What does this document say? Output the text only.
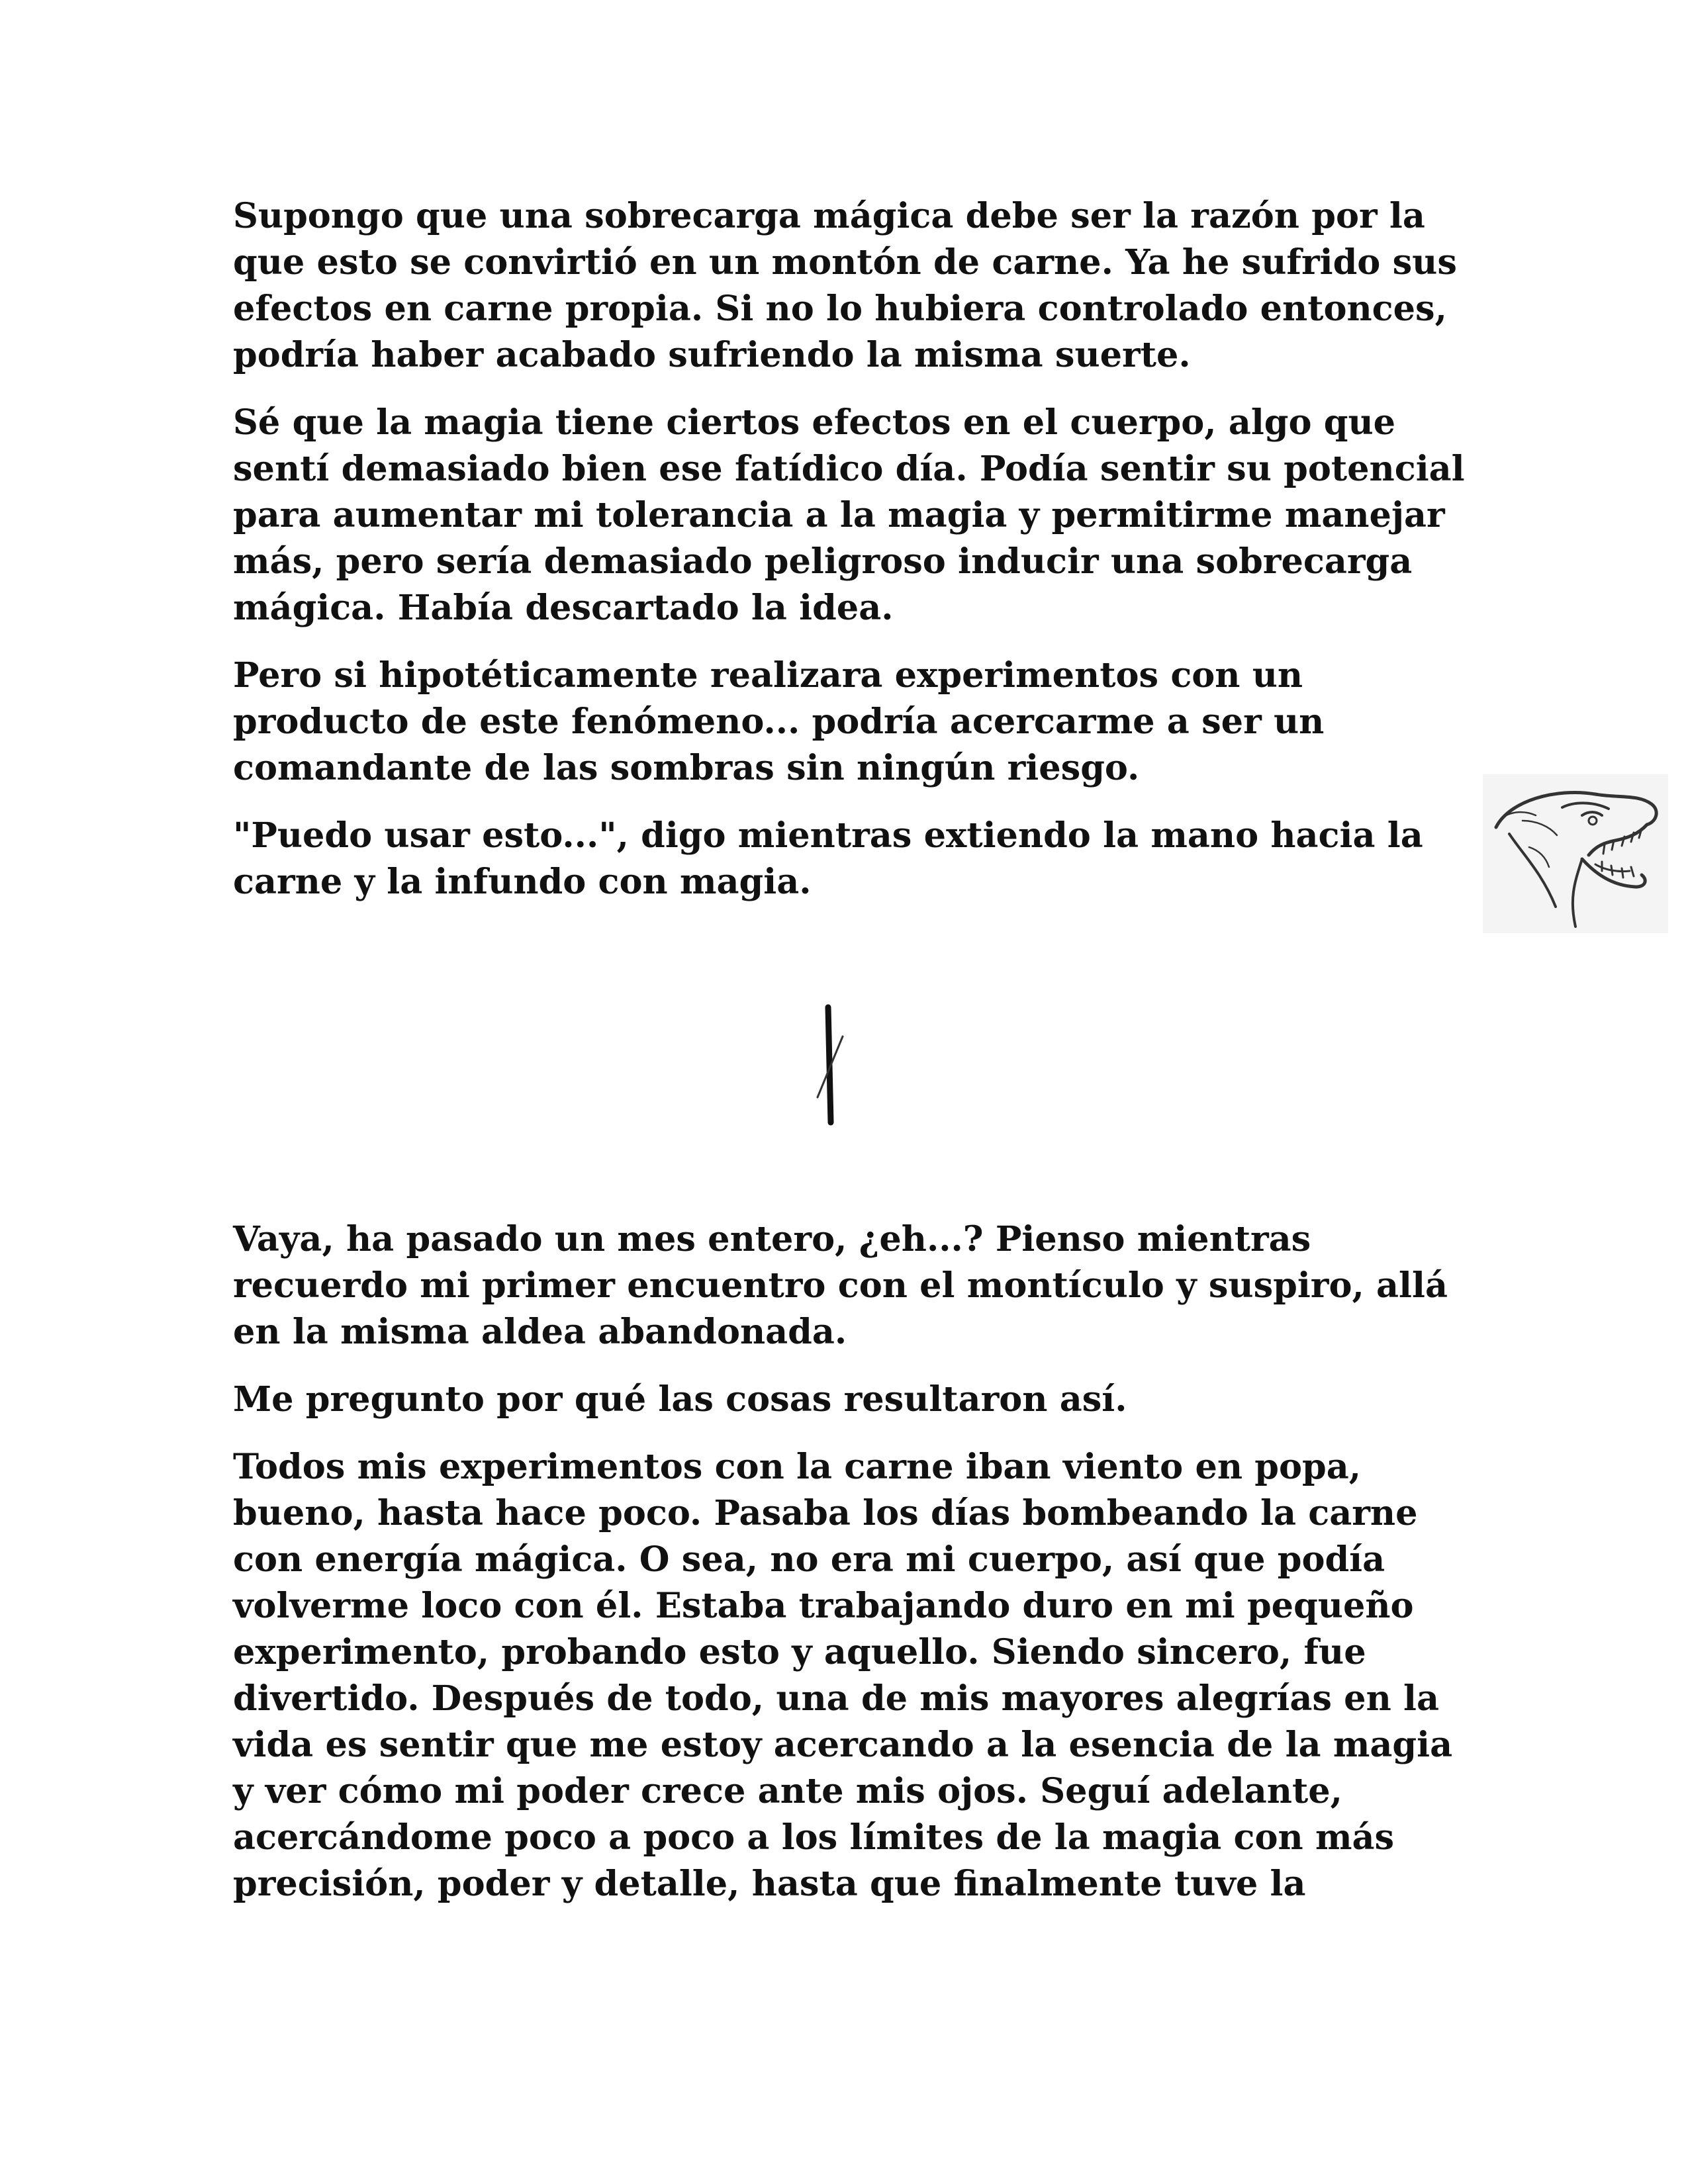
Supongo que una sobrecarga mágica debe ser la razón por la que esto se convirtió en un montón de carne. Ya he sufrido sus efectos en carne propia. Si no lo hubiera controlado entonces, podría haber acabado sufriendo la misma suerte.

Sé que la magia tiene ciertos efectos en el cuerpo, algo que sentí demasiado bien ese fatídico día. Podía sentir su potencial para aumentar mi tolerancia a la magia y permitirme manejar más, pero sería demasiado peligroso inducir una sobrecarga mágica. Había descartado la idea.

Pero si hipotéticamente realizara experimentos con un producto de este fenómeno... podría acercarme a ser un comandante de las sombras sin ningún riesgo.

"Puedo usar esto...", digo mientras extiendo la mano hacia la carne y la infundo con magia.

Vaya, ha pasado un mes entero, ¿eh...? Pienso mientras recuerdo mi primer encuentro con el montículo y suspiro, allá en la misma aldea abandonada.

Me pregunto por qué las cosas resultaron así.

Todos mis experimentos con la carne iban viento en popa, bueno, hasta hace poco. Pasaba los días bombeando la carne con energía mágica. O sea, no era mi cuerpo, así que podía volverme loco con él. Estaba trabajando duro en mi pequeño experimento, probando esto y aquello. Siendo sincero, fue divertido. Después de todo, una de mis mayores alegrías en la vida es sentir que me estoy acercando a la esencia de la magia y ver cómo mi poder crece ante mis ojos. Seguí adelante, acercándome poco a poco a los límites de la magia con más precisión, poder y detalle, hasta que finalmente tuve la
